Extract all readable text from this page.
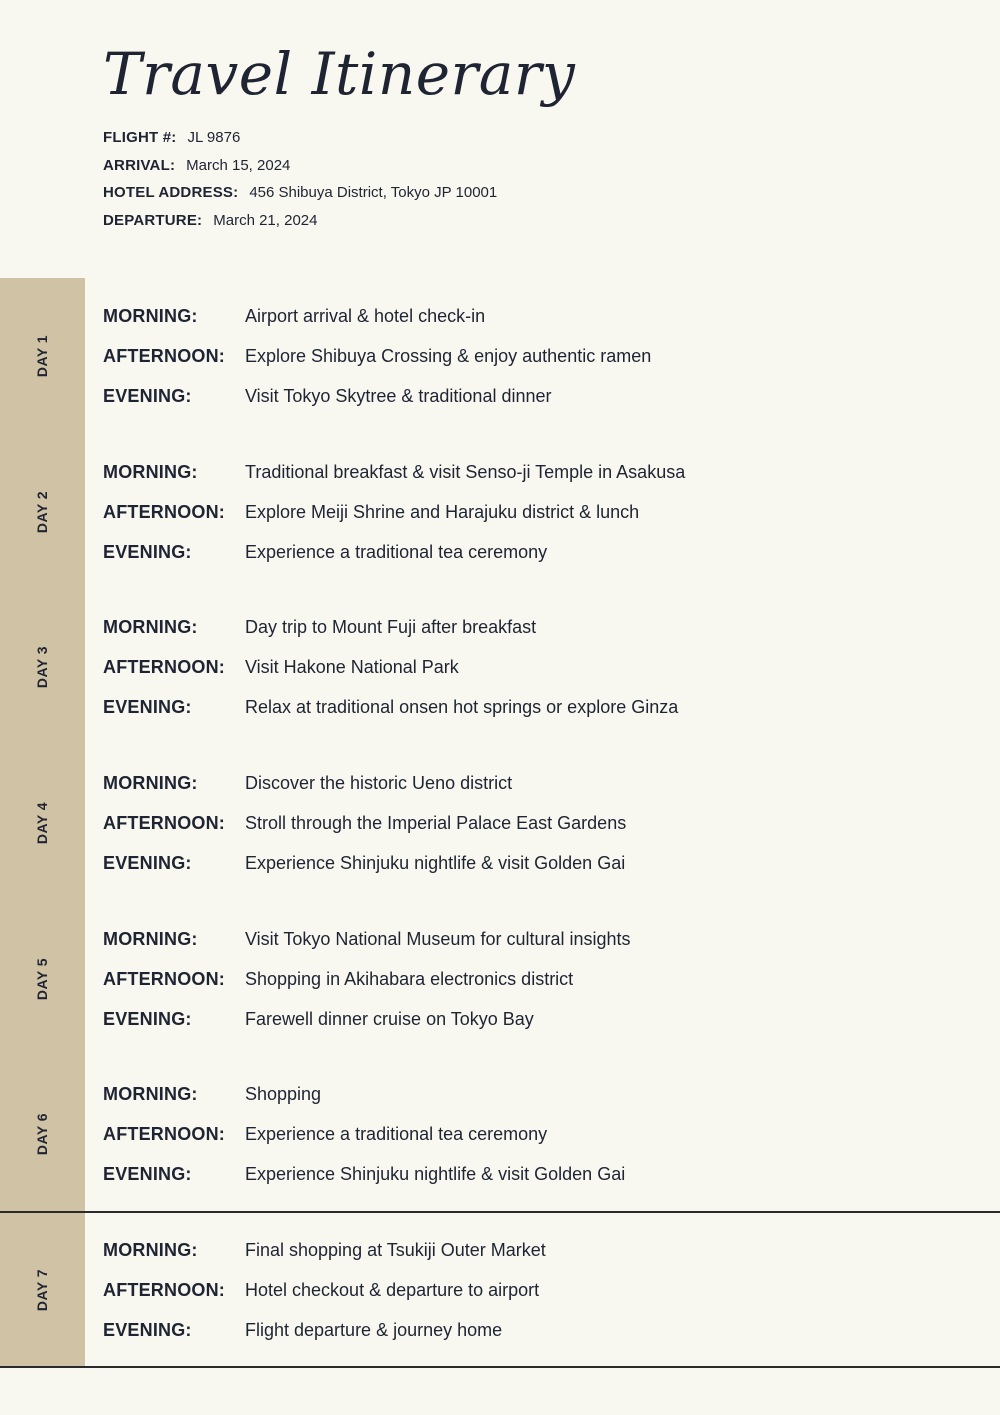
Travel Itinerary
FLIGHT #: JL 9876
ARRIVAL: March 15, 2024
HOTEL ADDRESS: 456 Shibuya District, Tokyo JP 10001
DEPARTURE: March 21, 2024
DAY 1
MORNING:	Airport arrival & hotel check-in
AFTERNOON: Explore Shibuya Crossing & enjoy authentic ramen
EVENING:	Visit Tokyo Skytree & traditional dinner
DAY 2
MORNING:	Traditional breakfast & visit Senso-ji Temple in Asakusa
AFTERNOON: Explore Meiji Shrine and Harajuku district & lunch
EVENING:	Experience a traditional tea ceremony
DAY 3
MORNING:	Day trip to Mount Fuji after breakfast
AFTERNOON: Visit Hakone National Park
EVENING:	Relax at traditional onsen hot springs or explore Ginza
DAY 4
MORNING:	Discover the historic Ueno district
AFTERNOON: Stroll through the Imperial Palace East Gardens
EVENING:	Experience Shinjuku nightlife & visit Golden Gai
DAY 5
MORNING:	Visit Tokyo National Museum for cultural insights
AFTERNOON: Shopping in Akihabara electronics district
EVENING:	Farewell dinner cruise on Tokyo Bay
DAY 6
MORNING:	Shopping
AFTERNOON: Experience a traditional tea ceremony
EVENING:	Experience Shinjuku nightlife & visit Golden Gai
DAY 7
MORNING:	Final shopping at Tsukiji Outer Market
AFTERNOON: Hotel checkout & departure to airport
EVENING:	Flight departure & journey home
